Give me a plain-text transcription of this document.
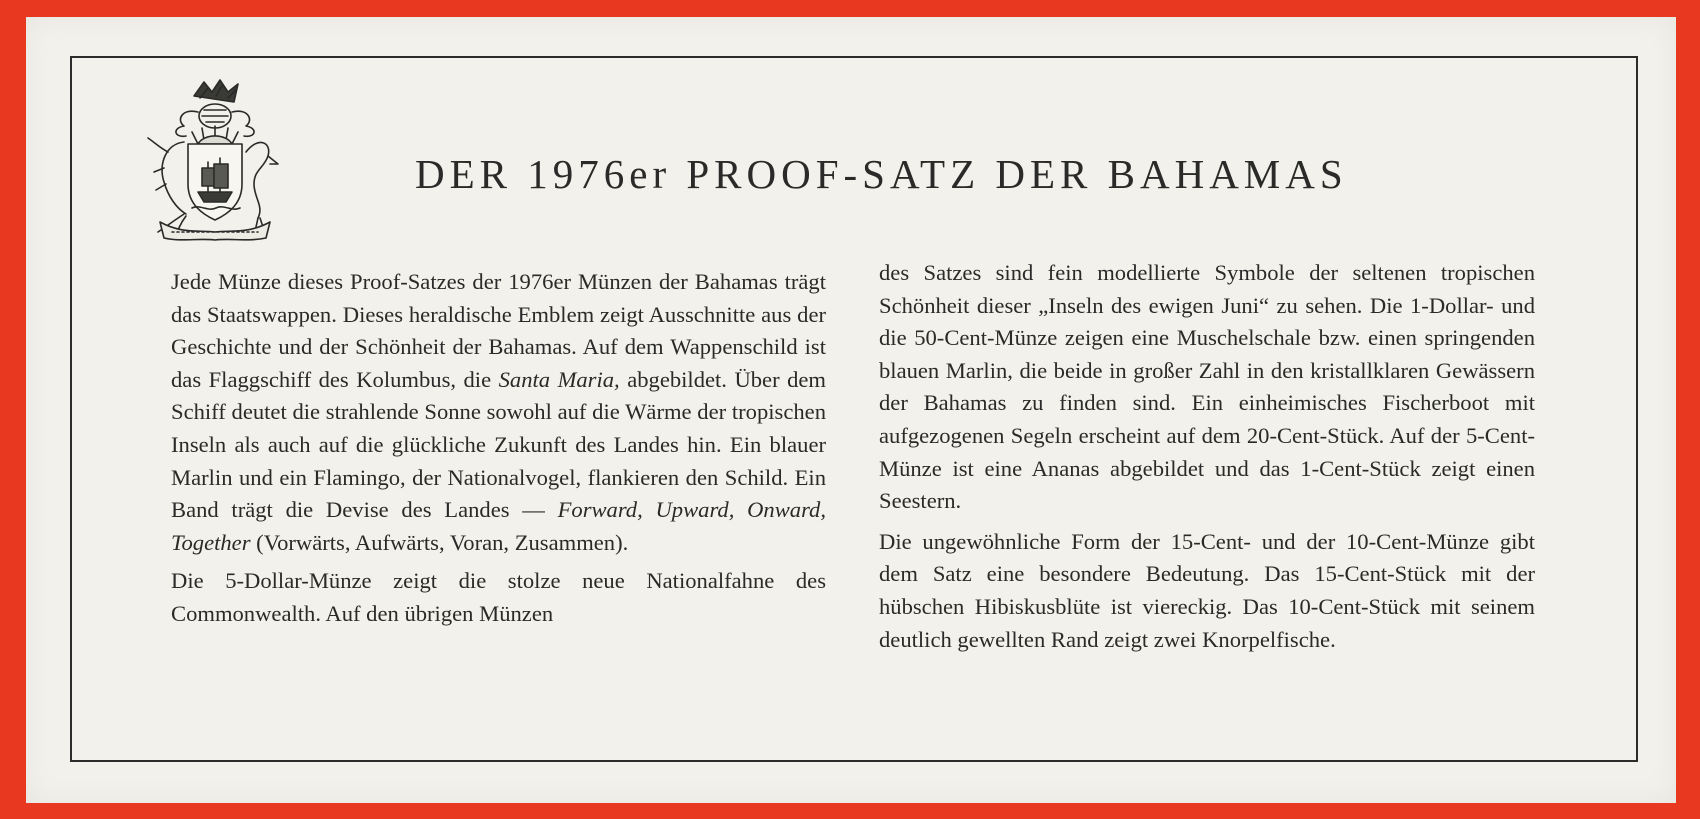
DER 1976er PROOF-SATZ DER BAHAMAS

Jede Münze dieses Proof-Satzes der 1976er Münzen der Bahamas trägt das Staatswappen. Dieses heraldische Emblem zeigt Ausschnitte aus der Geschichte und der Schönheit der Bahamas. Auf dem Wappenschild ist das Flaggschiff des Kolumbus, die Santa Maria, abgebildet. Über dem Schiff deutet die strahlende Sonne sowohl auf die Wärme der tropischen Inseln als auch auf die glückliche Zukunft des Landes hin. Ein blauer Marlin und ein Flamingo, der Nationalvogel, flankieren den Schild. Ein Band trägt die Devise des Landes — Forward, Upward, Onward, Together (Vorwärts, Aufwärts, Voran, Zusammen).

Die 5-Dollar-Münze zeigt die stolze neue Nationalfahne des Commonwealth. Auf den übrigen Münzen

des Satzes sind fein modellierte Symbole der seltenen tropischen Schönheit dieser „Inseln des ewigen Juni“ zu sehen. Die 1-Dollar- und die 50-Cent-Münze zeigen eine Muschelschale bzw. einen springenden blauen Marlin, die beide in großer Zahl in den kristallklaren Gewässern der Bahamas zu finden sind. Ein einheimisches Fischerboot mit aufgezogenen Segeln erscheint auf dem 20-Cent-Stück. Auf der 5-Cent-Münze ist eine Ananas abgebildet und das 1-Cent-Stück zeigt einen Seestern.

Die ungewöhnliche Form der 15-Cent- und der 10-Cent-Münze gibt dem Satz eine besondere Bedeutung. Das 15-Cent-Stück mit der hübschen Hibiskusblüte ist viereckig. Das 10-Cent-Stück mit seinem deutlich gewellten Rand zeigt zwei Knorpelfische.
